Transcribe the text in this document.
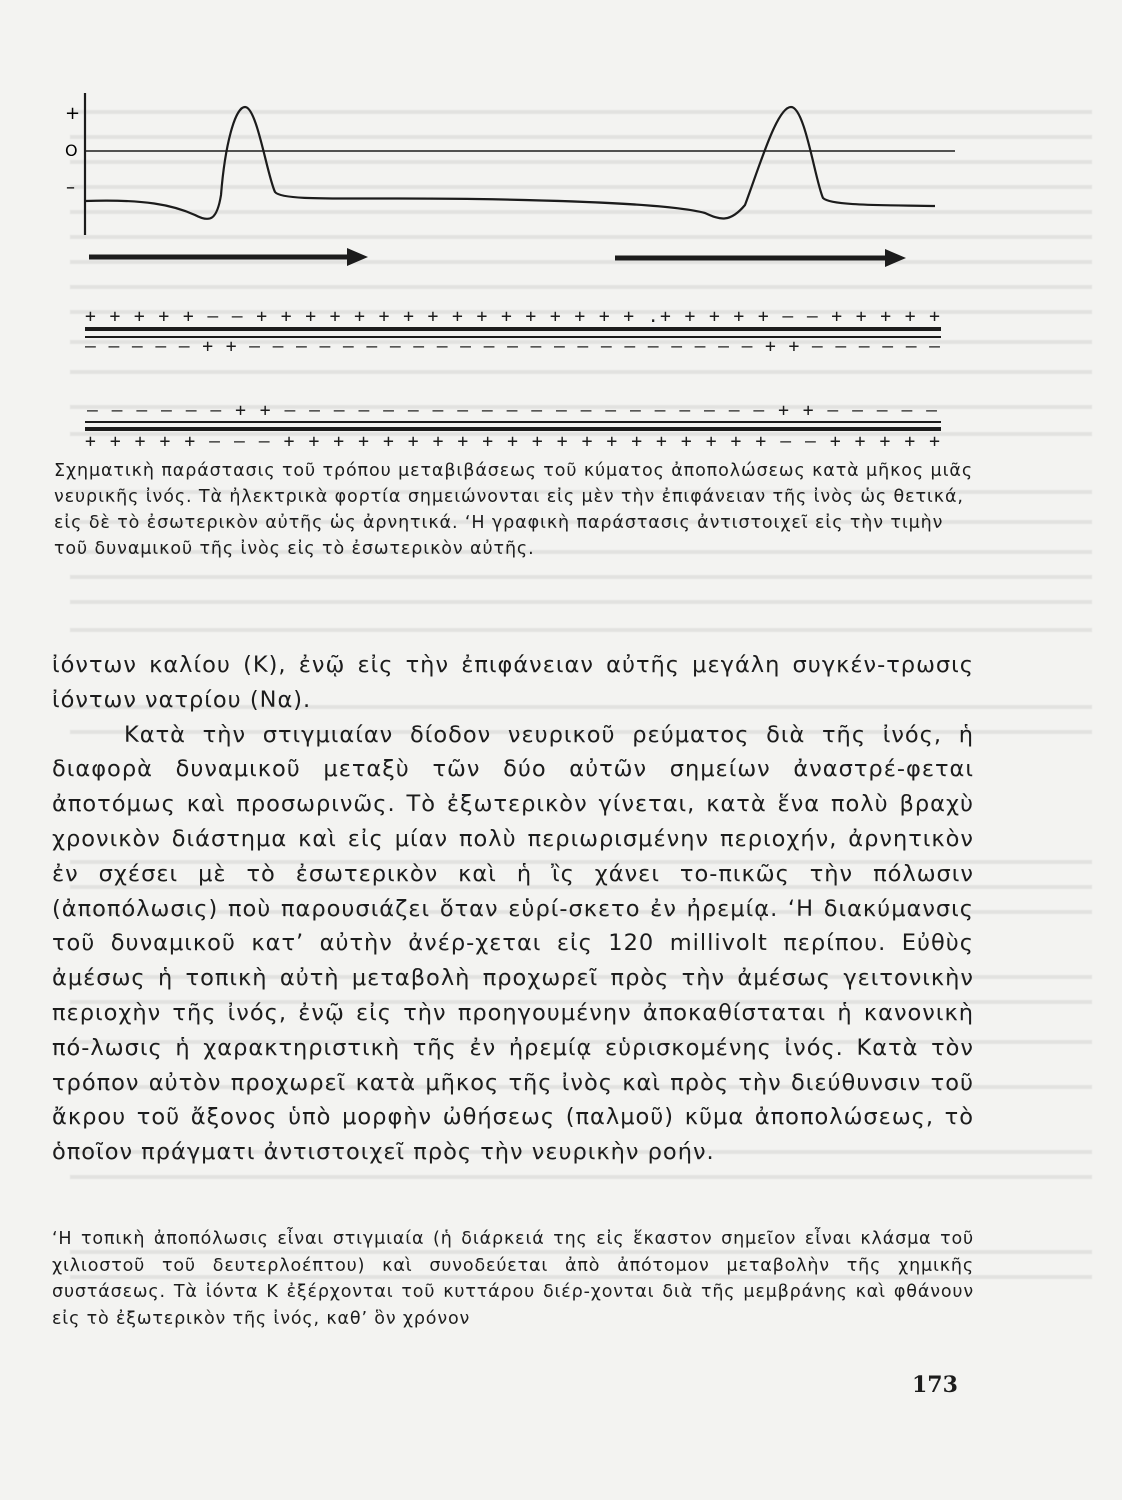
+
O
–
+ + + + + – – + + + + + + + + + + + + + + + + .+ + + + + – – + + + + +
– – – – – + + – – – – – – – – – – – – – – – – – – – – – – + + – – – – – –
– – – – – – + + – – – – – – – – – – – – – – – – – – – – + + – – – – –
+ + + + + – – – + + + + + + + + + + + + + + + + + + + + – – + + + + +

Σχηματικὴ παράστασις τοῦ τρόπου μεταβιβάσεως τοῦ κύματος ἀποπολώσεως κατὰ μῆκος μιᾶς νευρικῆς ἰνός. Τὰ ἠλεκτρικὰ φορτία σημειώνονται εἰς μὲν τὴν ἐπιφάνειαν τῆς ἰνὸς ὡς θετικά, εἰς δὲ τὸ ἐσωτερικὸν αὐτῆς ὡς ἀρνητικά. ‘Η γραφικὴ παράστασις ἀντιστοιχεῖ εἰς τὴν τιμὴν τοῦ δυναμικοῦ τῆς ἰνὸς εἰς τὸ ἐσωτερικὸν αὐτῆς.

ἰόντων καλίου (Κ), ἐνῷ εἰς τὴν ἐπιφάνειαν αὐτῆς μεγάλη συγκέν-τρωσις ἰόντων νατρίου (Να).

Κατὰ τὴν στιγμιαίαν δίοδον νευρικοῦ ρεύματος διὰ τῆς ἰνός, ἡ διαφορὰ δυναμικοῦ μεταξὺ τῶν δύο αὐτῶν σημείων ἀναστρέ-φεται ἀποτόμως καὶ προσωρινῶς. Τὸ ἐξωτερικὸν γίνεται, κατὰ ἕνα πολὺ βραχὺ χρονικὸν διάστημα καὶ εἰς μίαν πολὺ περιωρισμένην περιοχήν, ἀρνητικὸν ἐν σχέσει μὲ τὸ ἐσωτερικὸν καὶ ἡ ἲς χάνει το-πικῶς τὴν πόλωσιν (ἀποπόλωσις) ποὺ παρουσιάζει ὅταν εὑρί-σκετο ἐν ἠρεμίᾳ. ‘Η διακύμανσις τοῦ δυναμικοῦ κατ’ αὐτὴν ἀνέρ-χεται εἰς 120 millivolt περίπου. Εὐθὺς ἀμέσως ἡ τοπικὴ αὐτὴ μεταβολὴ προχωρεῖ πρὸς τὴν ἀμέσως γειτονικὴν περιοχὴν τῆς ἰνός, ἐνῷ εἰς τὴν προηγουμένην ἀποκαθίσταται ἡ κανονικὴ πό-λωσις ἡ χαρακτηριστικὴ τῆς ἐν ἠρεμίᾳ εὑρισκομένης ἰνός. Κατὰ τὸν τρόπον αὐτὸν προχωρεῖ κατὰ μῆκος τῆς ἰνὸς καὶ πρὸς τὴν διεύθυνσιν τοῦ ἄκρου τοῦ ἄξονος ὑπὸ μορφὴν ὠθήσεως (παλμοῦ) κῦμα ἀποπολώσεως, τὸ ὁποῖον πράγματι ἀντιστοιχεῖ πρὸς τὴν νευρικὴν ροήν.

‘Η τοπικὴ ἀποπόλωσις εἶναι στιγμιαία (ἡ διάρκειά της εἰς ἕκαστον σημεῖον εἶναι κλάσμα τοῦ χιλιοστοῦ τοῦ δευτερλοέπτου) καὶ συνοδεύεται ἀπὸ ἀπότομον μεταβολὴν τῆς χημικῆς συστάσεως. Τὰ ἰόντα Κ ἐξέρχονται τοῦ κυττάρου διέρ-χονται διὰ τῆς μεμβράνης καὶ φθάνουν εἰς τὸ ἐξωτερικὸν τῆς ἰνός, καθ’ ὃν χρόνον

173
